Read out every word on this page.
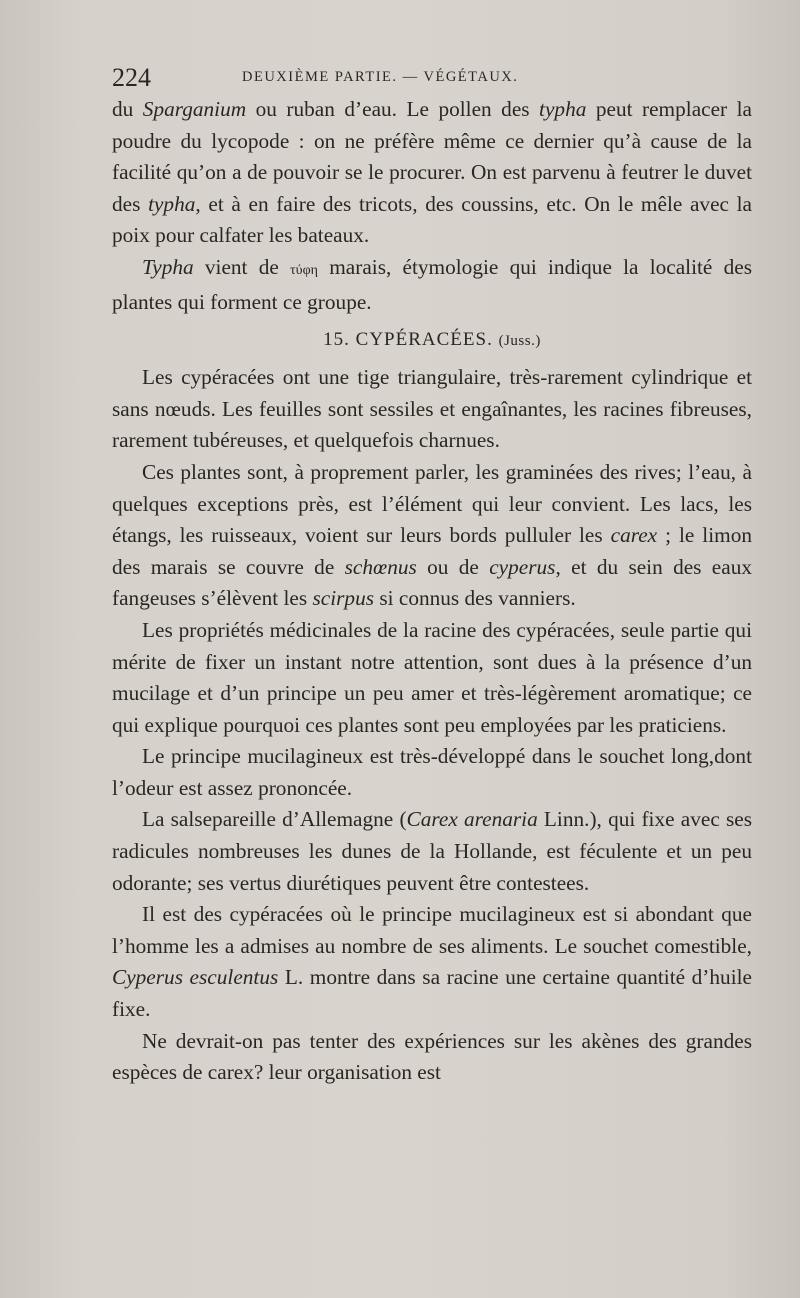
224	DEUXIÈME PARTIE. — VÉGÉTAUX.

du Sparganium ou ruban d’eau. Le pollen des typha peut remplacer la poudre du lycopode : on ne préfère même ce dernier qu’à cause de la facilité qu’on a de pouvoir se le procurer. On est parvenu à feutrer le duvet des typha, et à en faire des tricots, des coussins, etc. On le mêle avec la poix pour calfater les bateaux.

Typha vient de τύφη marais, étymologie qui indique la localité des plantes qui forment ce groupe.

15. CYPÉRACÉES. (Juss.)

Les cypéracées ont une tige triangulaire, très-rarement cylindrique et sans nœuds. Les feuilles sont sessiles et engaînantes, les racines fibreuses, rarement tubéreuses, et quelquefois charnues.

Ces plantes sont, à proprement parler, les graminées des rives; l’eau, à quelques exceptions près, est l’élément qui leur convient. Les lacs, les étangs, les ruisseaux, voient sur leurs bords pulluler les carex ; le limon des marais se couvre de schœnus ou de cyperus, et du sein des eaux fangeuses s’élèvent les scirpus si connus des vanniers.

Les propriétés médicinales de la racine des cypéracées, seule partie qui mérite de fixer un instant notre attention, sont dues à la présence d’un mucilage et d’un principe un peu amer et très-légèrement aromatique; ce qui explique pourquoi ces plantes sont peu employées par les praticiens.

Le principe mucilagineux est très-développé dans le souchet long,dont l’odeur est assez prononcée.

La salsepareille d’Allemagne (Carex arenaria Linn.), qui fixe avec ses radicules nombreuses les dunes de la Hollande, est féculente et un peu odorante; ses vertus diurétiques peuvent être contestees.

Il est des cypéracées où le principe mucilagineux est si abondant que l’homme les a admises au nombre de ses aliments. Le souchet comestible, Cyperus esculentus L. montre dans sa racine une certaine quantité d’huile fixe.

Ne devrait-on pas tenter des expériences sur les akènes des grandes espèces de carex? leur organisation est
